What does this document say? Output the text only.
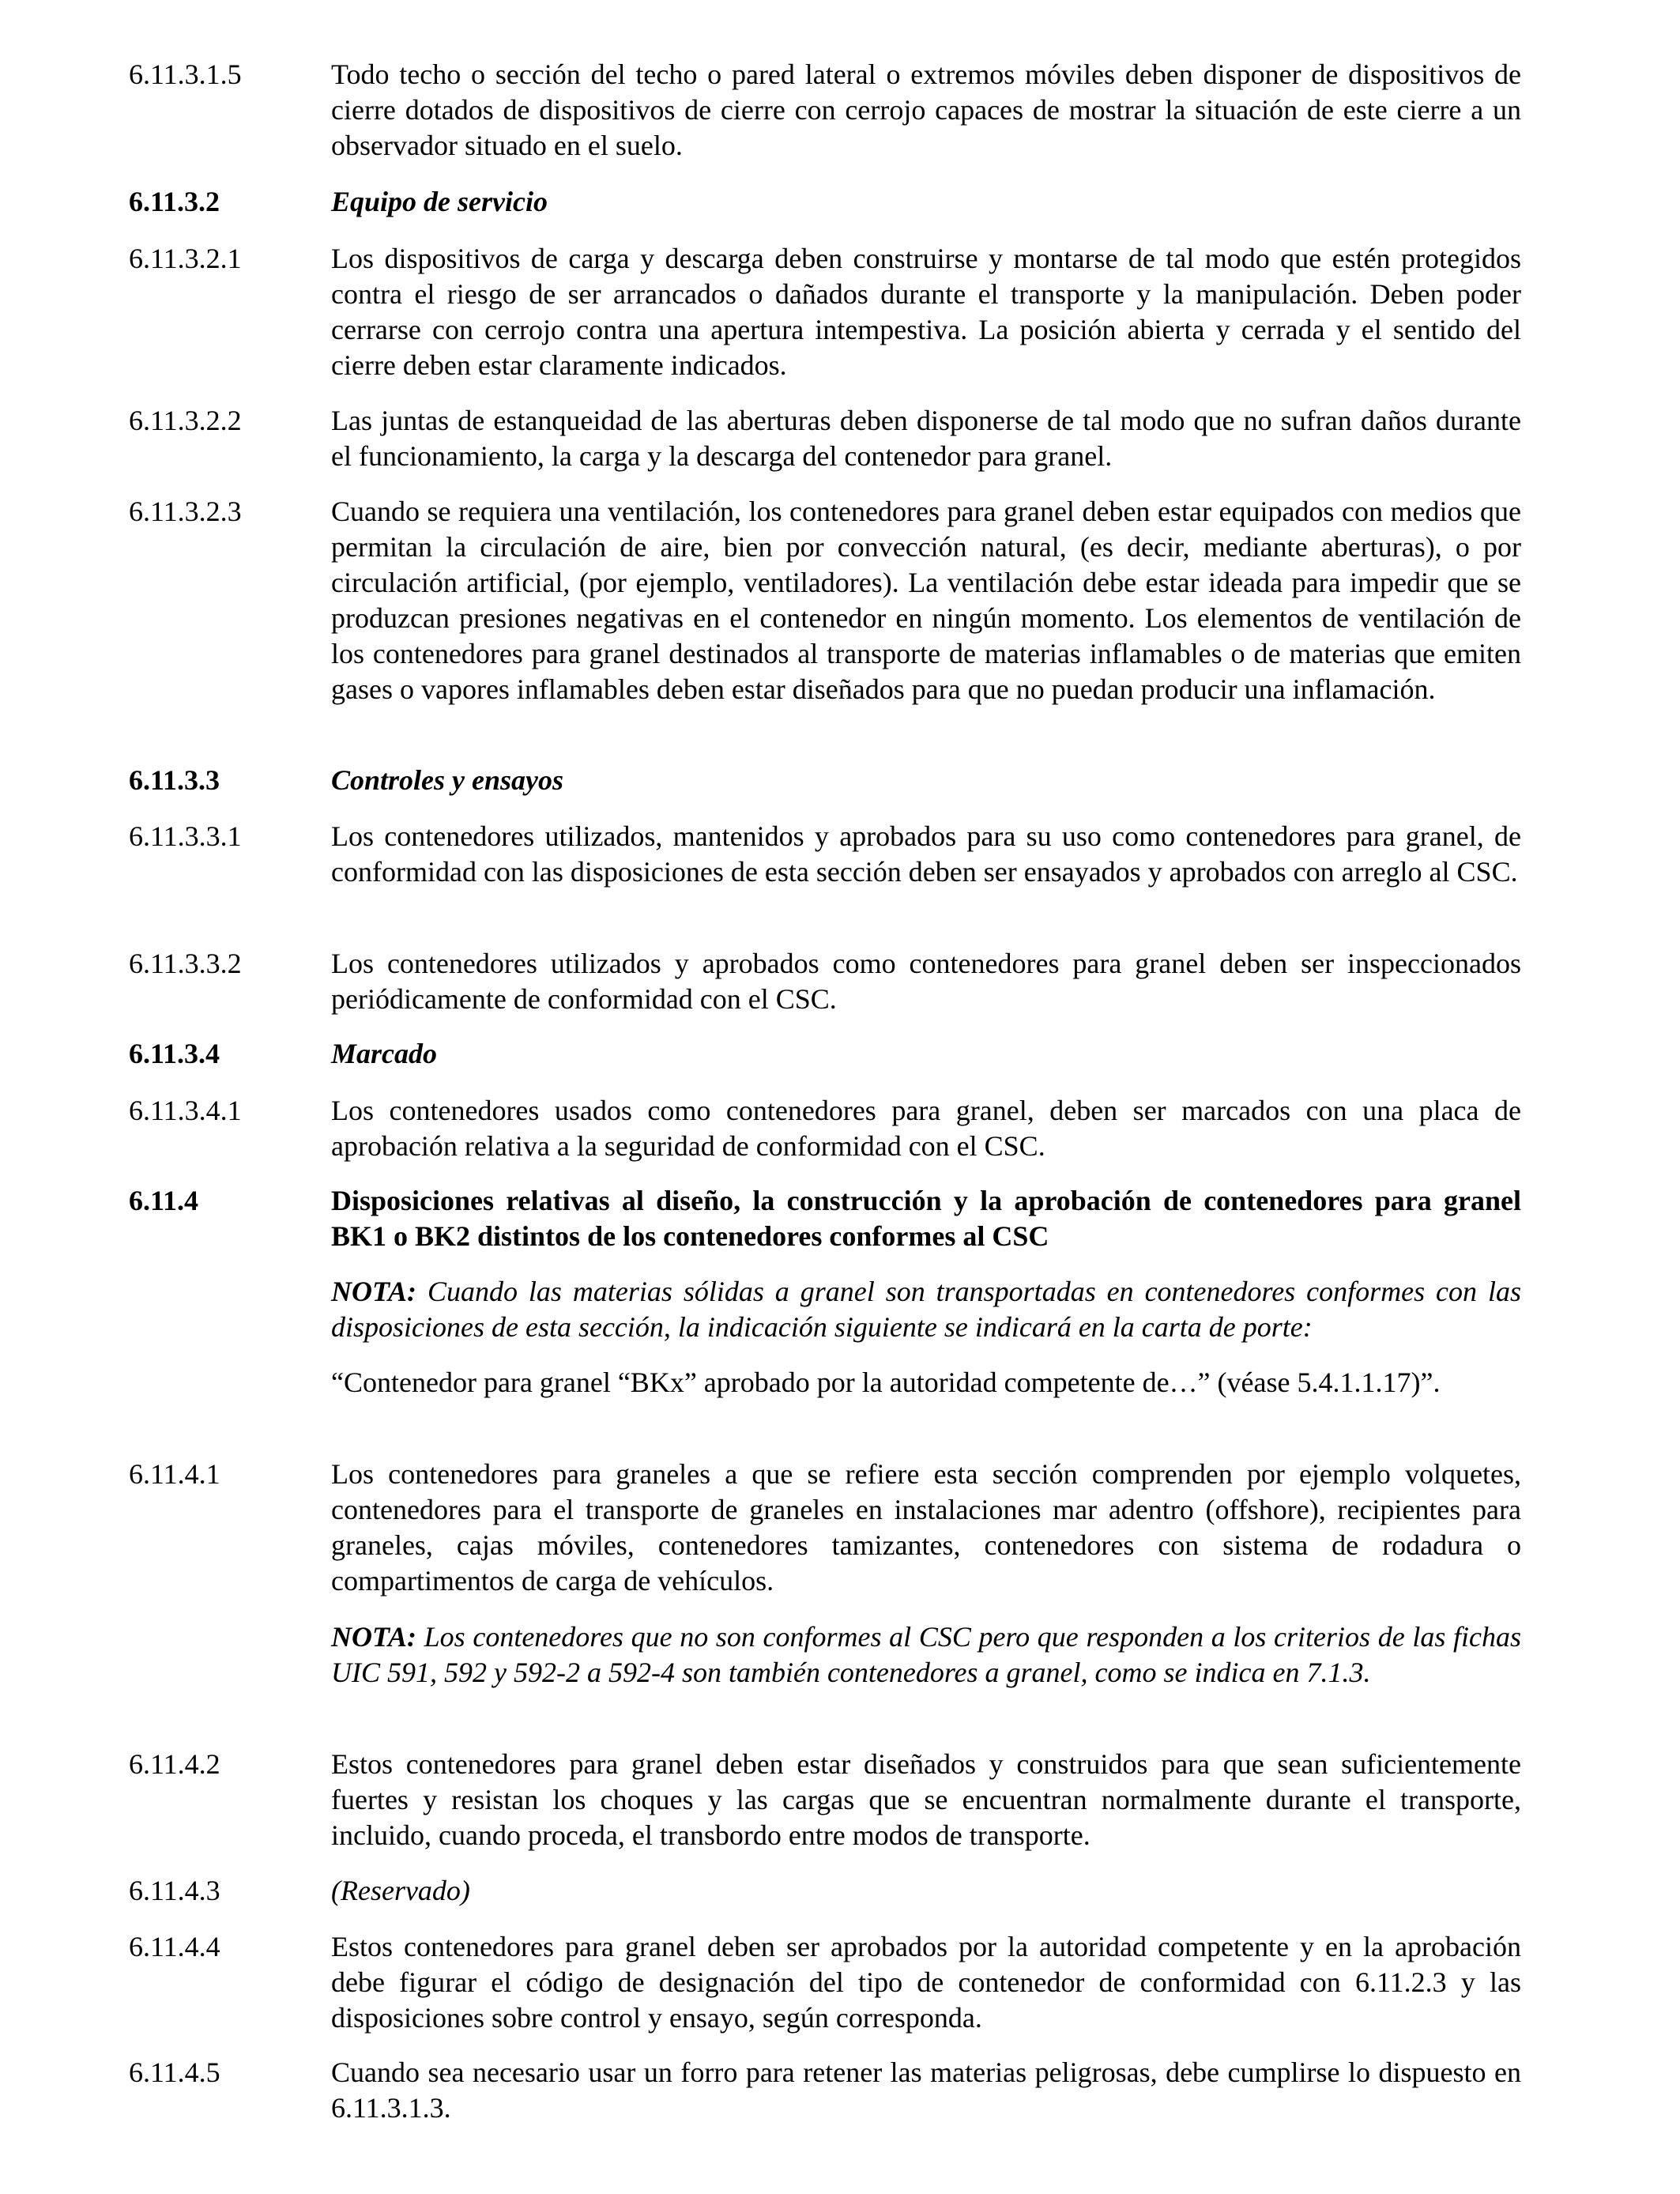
6.11.3.1.5	Todo techo o sección del techo o pared lateral o extremos móviles deben disponer de dispositivos de cierre dotados de dispositivos de cierre con cerrojo capaces de mostrar la situación de este cierre a un observador situado en el suelo.
6.11.3.2	Equipo de servicio
6.11.3.2.1	Los dispositivos de carga y descarga deben construirse y montarse de tal modo que estén protegidos contra el riesgo de ser arrancados o dañados durante el transporte y la manipulación. Deben poder cerrarse con cerrojo contra una apertura intempestiva. La posición abierta y cerrada y el sentido del cierre deben estar claramente indicados.
6.11.3.2.2	Las juntas de estanqueidad de las aberturas deben disponerse de tal modo que no sufran daños durante el funcionamiento, la carga y la descarga del contenedor para granel.
6.11.3.2.3	Cuando se requiera una ventilación, los contenedores para granel deben estar equipados con medios que permitan la circulación de aire, bien por convección natural, (es decir, mediante aberturas), o por circulación artificial, (por ejemplo, ventiladores). La ventilación debe estar ideada para impedir que se produzcan presiones negativas en el contenedor en ningún momento. Los elementos de ventilación de los contenedores para granel destinados al transporte de materias inflamables o de materias que emiten gases o vapores inflamables deben estar diseñados para que no puedan producir una inflamación.
6.11.3.3	Controles y ensayos
6.11.3.3.1	Los contenedores utilizados, mantenidos y aprobados para su uso como contenedores para granel, de conformidad con las disposiciones de esta sección deben ser ensayados y aprobados con arreglo al CSC.
6.11.3.3.2	Los contenedores utilizados y aprobados como contenedores para granel deben ser inspeccionados periódicamente de conformidad con el CSC.
6.11.3.4	Marcado
6.11.3.4.1	Los contenedores usados como contenedores para granel, deben ser marcados con una placa de aprobación relativa a la seguridad de conformidad con el CSC.
6.11.4	Disposiciones relativas al diseño, la construcción y la aprobación de contenedores para granel BK1 o BK2 distintos de los contenedores conformes al CSC
NOTA: Cuando las materias sólidas a granel son transportadas en contenedores conformes con las disposiciones de esta sección, la indicación siguiente se indicará en la carta de porte:
“Contenedor para granel “BKx” aprobado por la autoridad competente de…” (véase 5.4.1.1.17)”.
6.11.4.1	Los contenedores para graneles a que se refiere esta sección comprenden por ejemplo volquetes, contenedores para el transporte de graneles en instalaciones mar adentro (offshore), recipientes para graneles, cajas móviles, contenedores tamizantes, contenedores con sistema de rodadura o compartimentos de carga de vehículos.
NOTA: Los contenedores que no son conformes al CSC pero que responden a los criterios de las fichas UIC 591, 592 y 592-2 a 592-4 son también contenedores a granel, como se indica en 7.1.3.
6.11.4.2	Estos contenedores para granel deben estar diseñados y construidos para que sean suficientemente fuertes y resistan los choques y las cargas que se encuentran normalmente durante el transporte, incluido, cuando proceda, el transbordo entre modos de transporte.
6.11.4.3	(Reservado)
6.11.4.4	Estos contenedores para granel deben ser aprobados por la autoridad competente y en la aprobación debe figurar el código de designación del tipo de contenedor de conformidad con 6.11.2.3 y las disposiciones sobre control y ensayo, según corresponda.
6.11.4.5	Cuando sea necesario usar un forro para retener las materias peligrosas, debe cumplirse lo dispuesto en 6.11.3.1.3.
